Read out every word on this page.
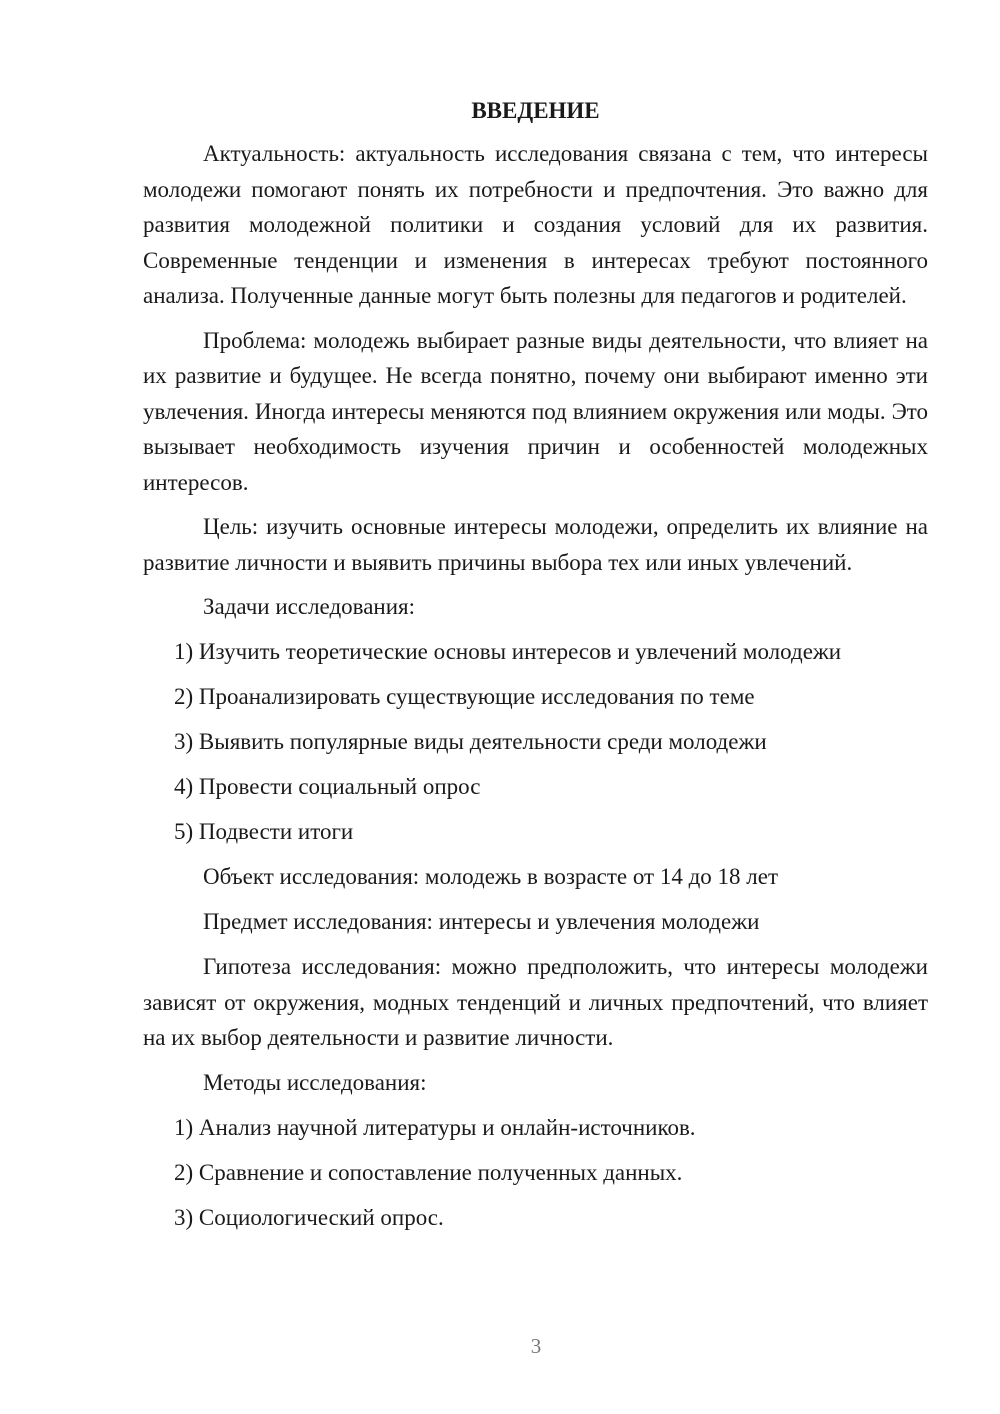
ВВЕДЕНИЕ

Актуальность: актуальность исследования связана с тем, что интересы молодежи помогают понять их потребности и предпочтения. Это важно для развития молодежной политики и создания условий для их развития. Современные тенденции и изменения в интересах требуют постоянного анализа. Полученные данные могут быть полезны для педагогов и родителей.

Проблема: молодежь выбирает разные виды деятельности, что влияет на их развитие и будущее. Не всегда понятно, почему они выбирают именно эти увлечения. Иногда интересы меняются под влиянием окружения или моды. Это вызывает необходимость изучения причин и особенностей молодежных интересов.

Цель: изучить основные интересы молодежи, определить их влияние на развитие личности и выявить причины выбора тех или иных увлечений.

Задачи исследования:

1) Изучить теоретические основы интересов и увлечений молодежи
2) Проанализировать существующие исследования по теме
3) Выявить популярные виды деятельности среди молодежи
4) Провести социальный опрос
5) Подвести итоги

Объект исследования: молодежь в возрасте от 14 до 18 лет

Предмет исследования: интересы и увлечения молодежи

Гипотеза исследования: можно предположить, что интересы молодежи зависят от окружения, модных тенденций и личных предпочтений, что влияет на их выбор деятельности и развитие личности.

Методы исследования:

1) Анализ научной литературы и онлайн-источников.
2) Сравнение и сопоставление полученных данных.
3) Социологический опрос.
3
